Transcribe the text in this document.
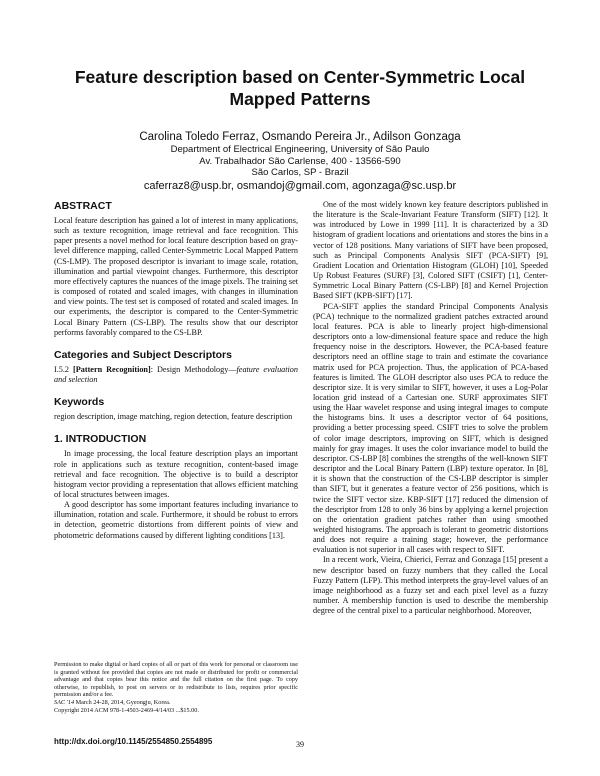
Feature description based on Center-Symmetric Local Mapped Patterns
Carolina Toledo Ferraz, Osmando Pereira Jr., Adilson Gonzaga
Department of Electrical Engineering, University of São Paulo
Av. Trabalhador São Carlense, 400 - 13566-590
São Carlos, SP - Brazil
caferraz8@usp.br, osmandoj@gmail.com, agonzaga@sc.usp.br
ABSTRACT

Local feature description has gained a lot of interest in many applications, such as texture recognition, image retrieval and face recognition. This paper presents a novel method for local feature description based on gray-level difference mapping, called Center-Symmetric Local Mapped Pattern (CS-LMP). The proposed descriptor is invariant to image scale, rotation, illumination and partial viewpoint changes. Furthermore, this descriptor more effectively captures the nuances of the image pixels. The training set is composed of rotated and scaled images, with changes in illumination and view points. The test set is composed of rotated and scaled images. In our experiments, the descriptor is compared to the Center-Symmetric Local Binary Pattern (CS-LBP). The results show that our descriptor performs favorably compared to the CS-LBP.

Categories and Subject Descriptors

I.5.2 [Pattern Recognition]: Design Methodology—feature evaluation and selection

Keywords

region description, image matching, region detection, feature description

1. INTRODUCTION

In image processing, the local feature description plays an important role in applications such as texture recognition, content-based image retrieval and face recognition. The objective is to build a descriptor histogram vector providing a representation that allows efficient matching of local structures between images.

A good descriptor has some important features including invariance to illumination, rotation and scale. Furthermore, it should be robust to errors in detection, geometric distortions from different points of view and photometric deformations caused by different lighting conditions [13].

Permission to make digital or hard copies of all or part of this work for personal or classroom use is granted without fee provided that copies are not made or distributed for profit or commercial advantage and that copies bear this notice and the full citation on the first page. To copy otherwise, to republish, to post on servers or to redistribute to lists, requires prior specific permission and/or a fee.

SAC '14 March 24-28, 2014, Gyeongju, Korea.

Copyright 2014 ACM 978-1-4503-2469-4/14/03 ...$15.00.

http://dx.doi.org/10.1145/2554850.2554895

One of the most widely known key feature descriptors published in the literature is the Scale-Invariant Feature Transform (SIFT) [12]. It was introduced by Lowe in 1999 [11]. It is characterized by a 3D histogram of gradient locations and orientations and stores the bins in a vector of 128 positions. Many variations of SIFT have been proposed, such as Principal Components Analysis SIFT (PCA-SIFT) [9], Gradient Location and Orientation Histogram (GLOH) [10], Speeded Up Robust Features (SURF) [3], Colored SIFT (CSIFT) [1], Center-Symmetric Local Binary Pattern (CS-LBP) [8] and Kernel Projection Based SIFT (KPB-SIFT) [17].

PCA-SIFT applies the standard Principal Components Analysis (PCA) technique to the normalized gradient patches extracted around local features. PCA is able to linearly project high-dimensional descriptors onto a low-dimensional feature space and reduce the high frequency noise in the descriptors. However, the PCA-based feature descriptors need an offline stage to train and estimate the covariance matrix used for PCA projection. Thus, the application of PCA-based features is limited. The GLOH descriptor also uses PCA to reduce the descriptor size. It is very similar to SIFT, however, it uses a Log-Polar location grid instead of a Cartesian one. SURF approximates SIFT using the Haar wavelet response and using integral images to compute the histograms bins. It uses a descriptor vector of 64 positions, providing a better processing speed. CSIFT tries to solve the problem of color image descriptors, improving on SIFT, which is designed mainly for gray images. It uses the color invariance model to build the descriptor. CS-LBP [8] combines the strengths of the well-known SIFT descriptor and the Local Binary Pattern (LBP) texture operator. In [8], it is shown that the construction of the CS-LBP descriptor is simpler than SIFT, but it generates a feature vector of 256 positions, which is twice the SIFT vector size. KBP-SIFT [17] reduced the dimension of the descriptor from 128 to only 36 bins by applying a kernel projection on the orientation gradient patches rather than using smoothed weighted histograms. The approach is tolerant to geometric distortions and does not require a training stage; however, the performance evaluation is not superior in all cases with respect to SIFT.

In a recent work, Vieira, Chierici, Ferraz and Gonzaga [15] present a new descriptor based on fuzzy numbers that they called the Local Fuzzy Pattern (LFP). This method interprets the gray-level values of an image neighborhood as a fuzzy set and each pixel level as a fuzzy number. A membership function is used to describe the membership degree of the central pixel to a particular neighborhood. Moreover,

39
